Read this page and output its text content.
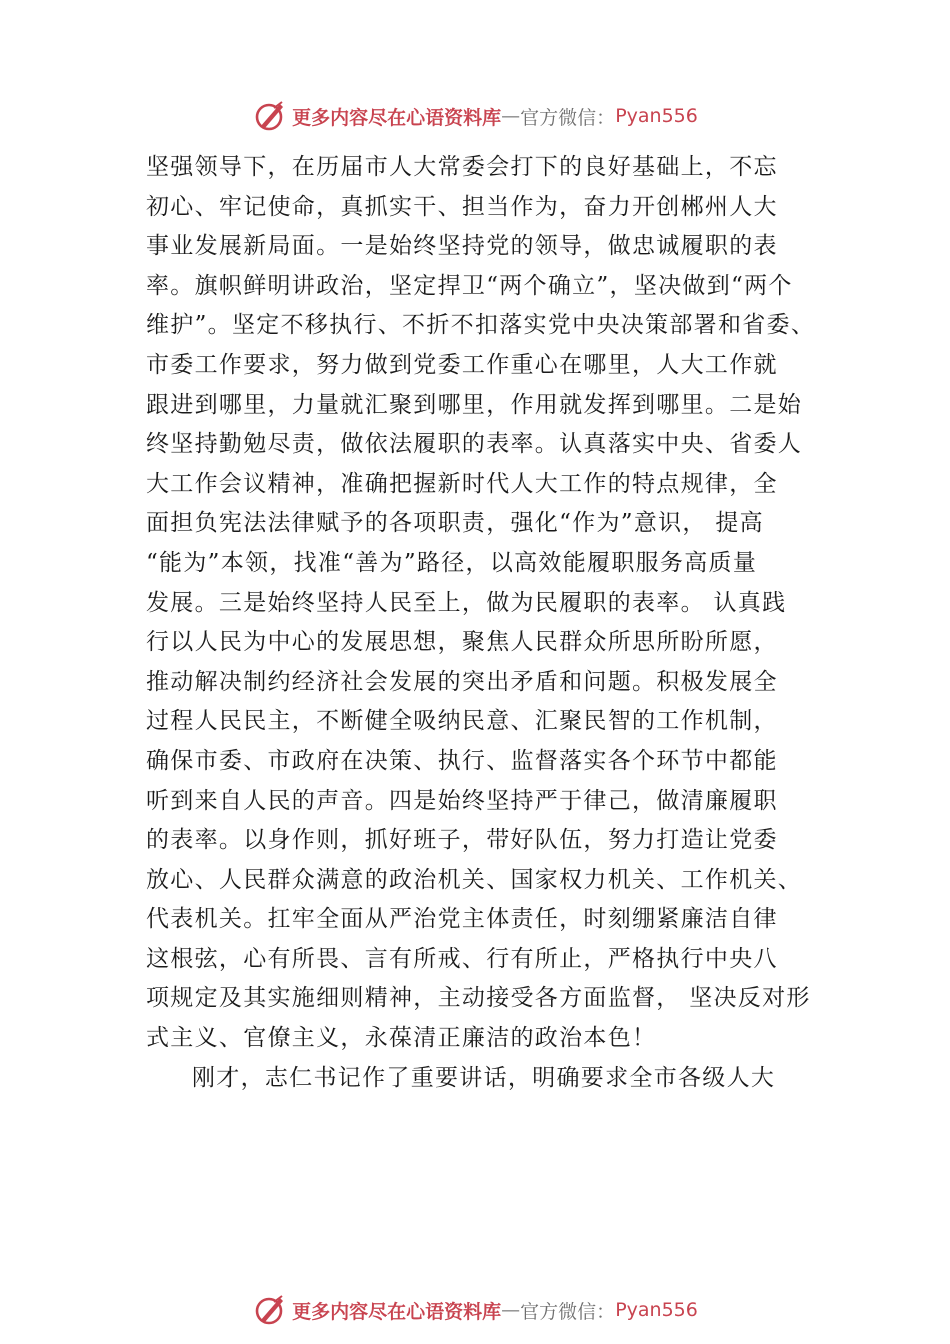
更多内容尽在心语资料库 — 官方微信： Pyan556
坚强领导下，在历届市人大常委会打下的良好基础上，不忘
初心、牢记使命，真抓实干、担当作为，奋力开创郴州人大
事业发展新局面。一是始终坚持党的领导，做忠诚履职的表
率。旗帜鲜明讲政治，坚定捍卫“两个确立”，坚决做到“两个
维护”。坚定不移执行、不折不扣落实党中央决策部署和省委、
市委工作要求，努力做到党委工作重心在哪里，人大工作就
跟进到哪里，力量就汇聚到哪里，作用就发挥到哪里。二是始
终坚持勤勉尽责，做依法履职的表率。认真落实中央、省委人
大工作会议精神，准确把握新时代人大工作的特点规律，全
面担负宪法法律赋予的各项职责，强化“作为”意识， 提高
“能为”本领，找准“善为”路径，以高效能履职服务高质量
发展。三是始终坚持人民至上，做为民履职的表率。 认真践
行以人民为中心的发展思想，聚焦人民群众所思所盼所愿，
推动解决制约经济社会发展的突出矛盾和问题。积极发展全
过程人民民主，不断健全吸纳民意、汇聚民智的工作机制，
确保市委、市政府在决策、执行、监督落实各个环节中都能
听到来自人民的声音。四是始终坚持严于律己，做清廉履职
的表率。以身作则，抓好班子，带好队伍，努力打造让党委
放心、人民群众满意的政治机关、国家权力机关、工作机关、
代表机关。扛牢全面从严治党主体责任，时刻绷紧廉洁自律
这根弦，心有所畏、言有所戒、行有所止，严格执行中央八
项规定及其实施细则精神，主动接受各方面监督， 坚决反对形
式主义、官僚主义，永葆清正廉洁的政治本色！
刚才，志仁书记作了重要讲话，明确要求全市各级人大
更多内容尽在心语资料库 — 官方微信： Pyan556
